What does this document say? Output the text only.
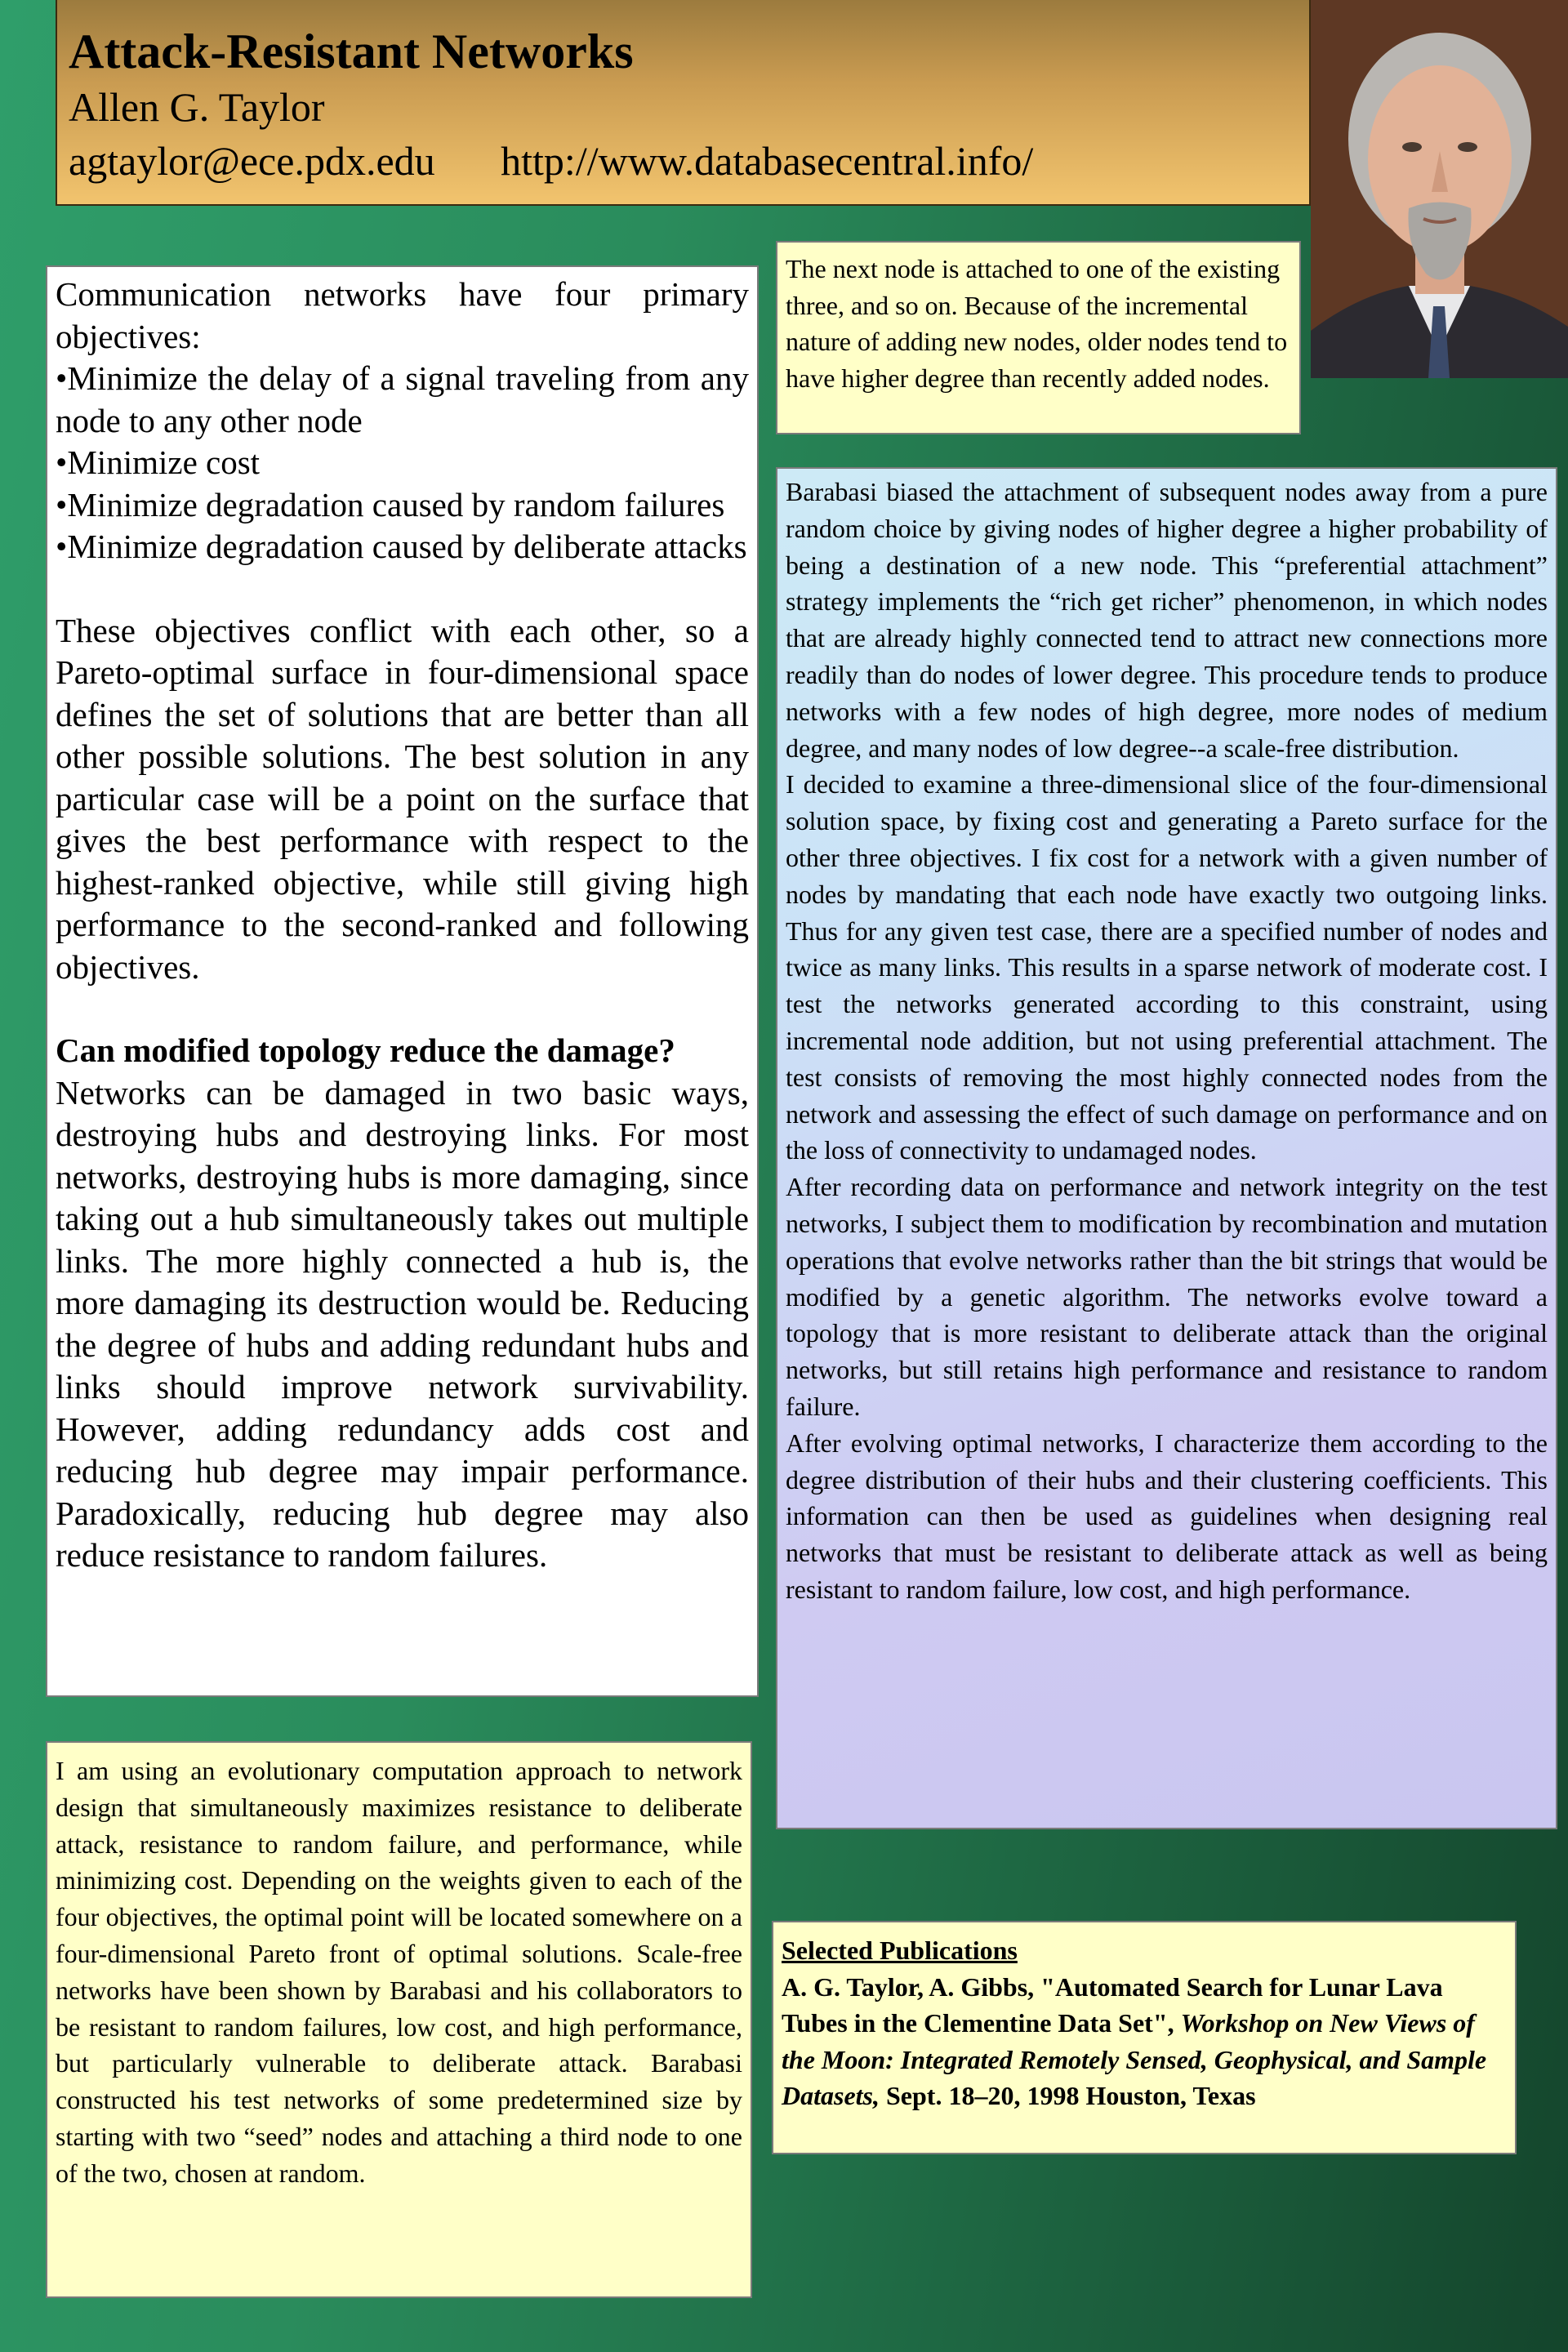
Attack-Resistant Networks
Allen G. Taylor
agtaylor@ece.pdx.edu http://www.databasecentral.info/

Communication networks have four primary objectives:

•Minimize the delay of a signal traveling from any node to any other node

•Minimize cost

•Minimize degradation caused by random failures

•Minimize degradation caused by deliberate attacks

These objectives conflict with each other, so a Pareto-optimal surface in four-dimensional space defines the set of solutions that are better than all other possible solutions. The best solution in any particular case will be a point on the surface that gives the best performance with respect to the highest-ranked objective, while still giving high performance to the second-ranked and following objectives.

Can modified topology reduce the damage?

Networks can be damaged in two basic ways, destroying hubs and destroying links. For most networks, destroying hubs is more damaging, since taking out a hub simultaneously takes out multiple links. The more highly connected a hub is, the more damaging its destruction would be. Reducing the degree of hubs and adding redundant hubs and links should improve network survivability. However, adding redundancy adds cost and reducing hub degree may impair performance. Paradoxically, reducing hub degree may also reduce resistance to random failures.

The next node is attached to one of the existing three, and so on. Because of the incremental nature of adding new nodes, older nodes tend to have higher degree than recently added nodes.

Barabasi biased the attachment of subsequent nodes away from a pure random choice by giving nodes of higher degree a higher probability of being a destination of a new node. This “preferential attachment” strategy implements the “rich get richer” phenomenon, in which nodes that are already highly connected tend to attract new connections more readily than do nodes of lower degree. This procedure tends to produce networks with a few nodes of high degree, more nodes of medium degree, and many nodes of low degree--a scale-free distribution.

I decided to examine a three-dimensional slice of the four-dimensional solution space, by fixing cost and generating a Pareto surface for the other three objectives. I fix cost for a network with a given number of nodes by mandating that each node have exactly two outgoing links. Thus for any given test case, there are a specified number of nodes and twice as many links. This results in a sparse network of moderate cost. I test the networks generated according to this constraint, using incremental node addition, but not using preferential attachment. The test consists of removing the most highly connected nodes from the network and assessing the effect of such damage on performance and on the loss of connectivity to undamaged nodes.

After recording data on performance and network integrity on the test networks, I subject them to modification by recombination and mutation operations that evolve networks rather than the bit strings that would be modified by a genetic algorithm. The networks evolve toward a topology that is more resistant to deliberate attack than the original networks, but still retains high performance and resistance to random failure.

After evolving optimal networks, I characterize them according to the degree distribution of their hubs and their clustering coefficients. This information can then be used as guidelines when designing real networks that must be resistant to deliberate attack as well as being resistant to random failure, low cost, and high performance.

I am using an evolutionary computation approach to network design that simultaneously maximizes resistance to deliberate attack, resistance to random failure, and performance, while minimizing cost. Depending on the weights given to each of the four objectives, the optimal point will be located somewhere on a four-dimensional Pareto front of optimal solutions. Scale-free networks have been shown by Barabasi and his collaborators to be resistant to random failures, low cost, and high performance, but particularly vulnerable to deliberate attack. Barabasi constructed his test networks of some predetermined size by starting with two “seed” nodes and attaching a third node to one of the two, chosen at random.
Selected Publications
A. G. Taylor, A. Gibbs, "Automated Search for Lunar Lava Tubes in the Clementine Data Set", Workshop on New Views of the Moon: Integrated Remotely Sensed, Geophysical, and Sample Datasets, Sept. 18–20, 1998 Houston, Texas
